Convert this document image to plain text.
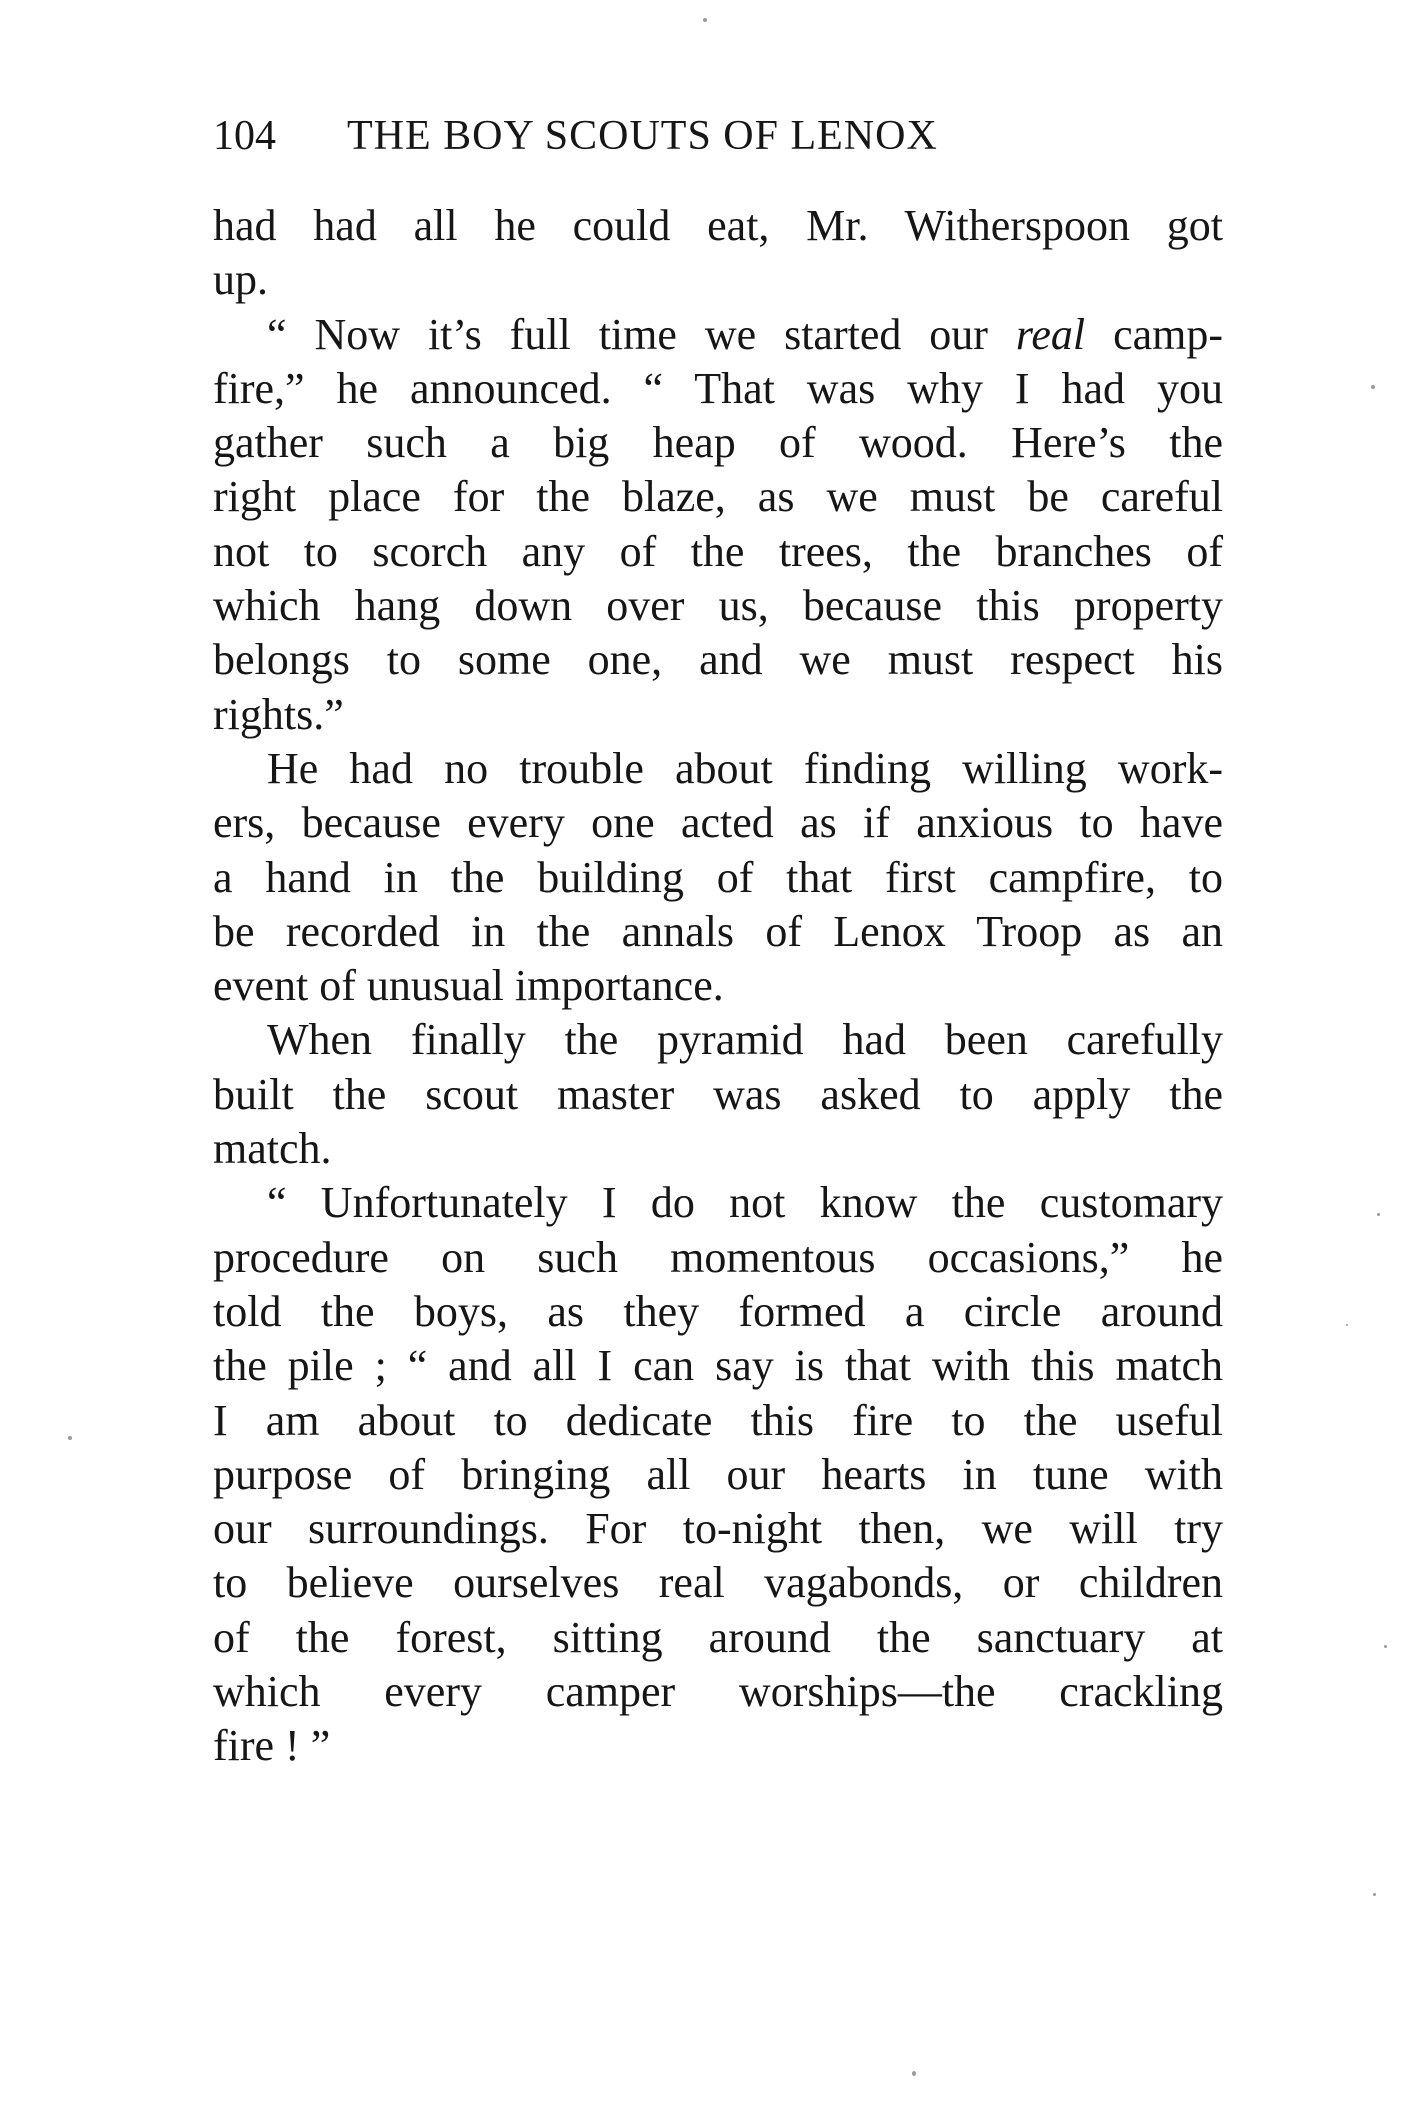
104 THE BOY SCOUTS OF LENOX
had had all he could eat, Mr. Witherspoon got
up.
“ Now it’s full time we started our real camp-
fire,” he announced. “ That was why I had you
gather such a big heap of wood. Here’s the
right place for the blaze, as we must be careful
not to scorch any of the trees, the branches of
which hang down over us, because this property
belongs to some one, and we must respect his
rights.”
He had no trouble about finding willing work-
ers, because every one acted as if anxious to have
a hand in the building of that first campfire, to
be recorded in the annals of Lenox Troop as an
event of unusual importance.
When finally the pyramid had been carefully
built the scout master was asked to apply the
match.
“ Unfortunately I do not know the customary
procedure on such momentous occasions,” he
told the boys, as they formed a circle around
the pile ; “ and all I can say is that with this match
I am about to dedicate this fire to the useful
purpose of bringing all our hearts in tune with
our surroundings. For to-night then, we will try
to believe ourselves real vagabonds, or children
of the forest, sitting around the sanctuary at
which every camper worships—the crackling
fire ! ”
